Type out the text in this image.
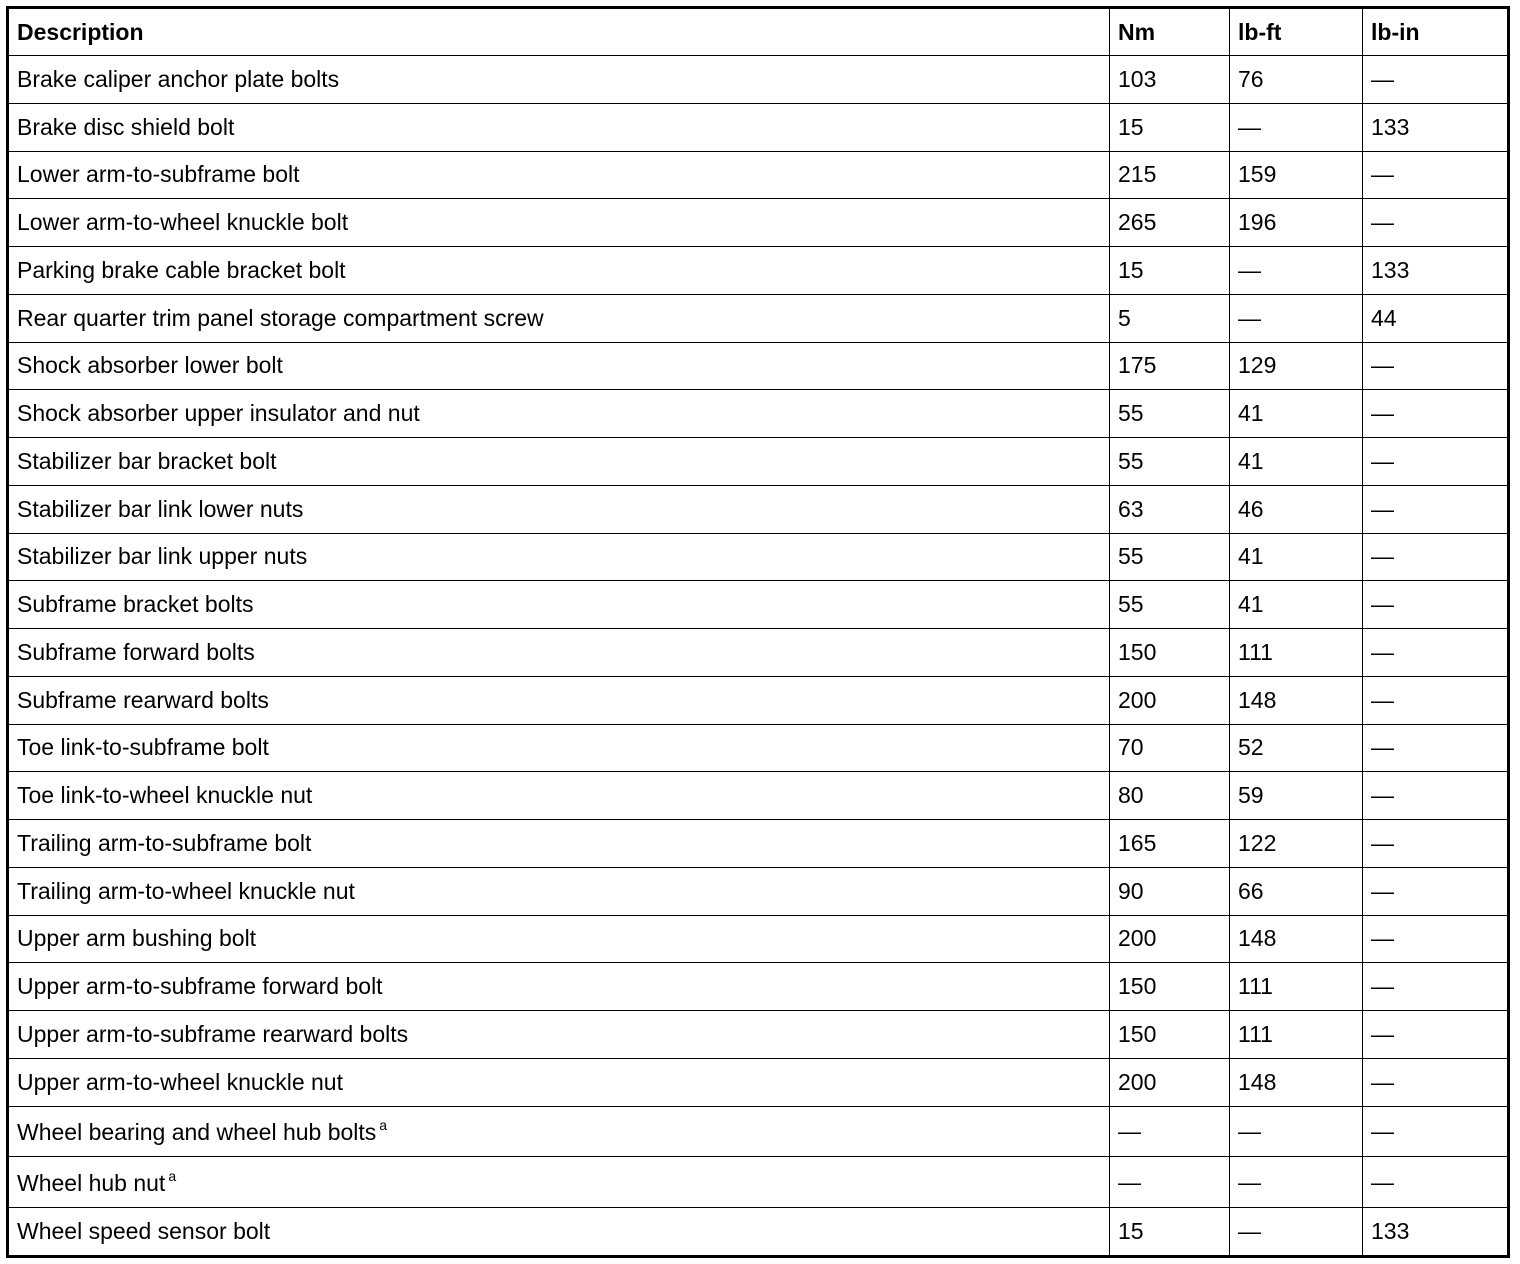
Description	Nm	lb-ft	lb-in
Brake caliper anchor plate bolts	103	76	—
Brake disc shield bolt	15	—	133
Lower arm-to-subframe bolt	215	159	—
Lower arm-to-wheel knuckle bolt	265	196	—
Parking brake cable bracket bolt	15	—	133
Rear quarter trim panel storage compartment screw	5	—	44
Shock absorber lower bolt	175	129	—
Shock absorber upper insulator and nut	55	41	—
Stabilizer bar bracket bolt	55	41	—
Stabilizer bar link lower nuts	63	46	—
Stabilizer bar link upper nuts	55	41	—
Subframe bracket bolts	55	41	—
Subframe forward bolts	150	111	—
Subframe rearward bolts	200	148	—
Toe link-to-subframe bolt	70	52	—
Toe link-to-wheel knuckle nut	80	59	—
Trailing arm-to-subframe bolt	165	122	—
Trailing arm-to-wheel knuckle nut	90	66	—
Upper arm bushing bolt	200	148	—
Upper arm-to-subframe forward bolt	150	111	—
Upper arm-to-subframe rearward bolts	150	111	—
Upper arm-to-wheel knuckle nut	200	148	—
Wheel bearing and wheel hub bolts $^a$	—	—	—
Wheel hub nut $^a$	—	—	—
Wheel speed sensor bolt	15	—	133
